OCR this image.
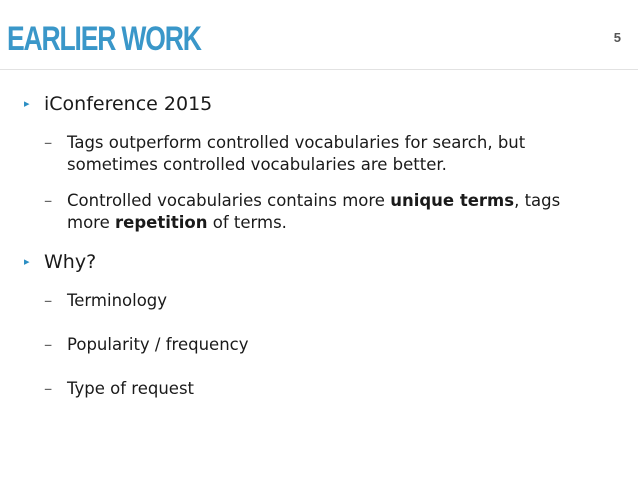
EARLIER WORK	5
▸ iConference 2015
– Tags outperform controlled vocabularies for search, but sometimes controlled vocabularies are better.
– Controlled vocabularies contains more unique terms, tags more repetition of terms.
▸ Why?
– Terminology
– Popularity / frequency
– Type of request
